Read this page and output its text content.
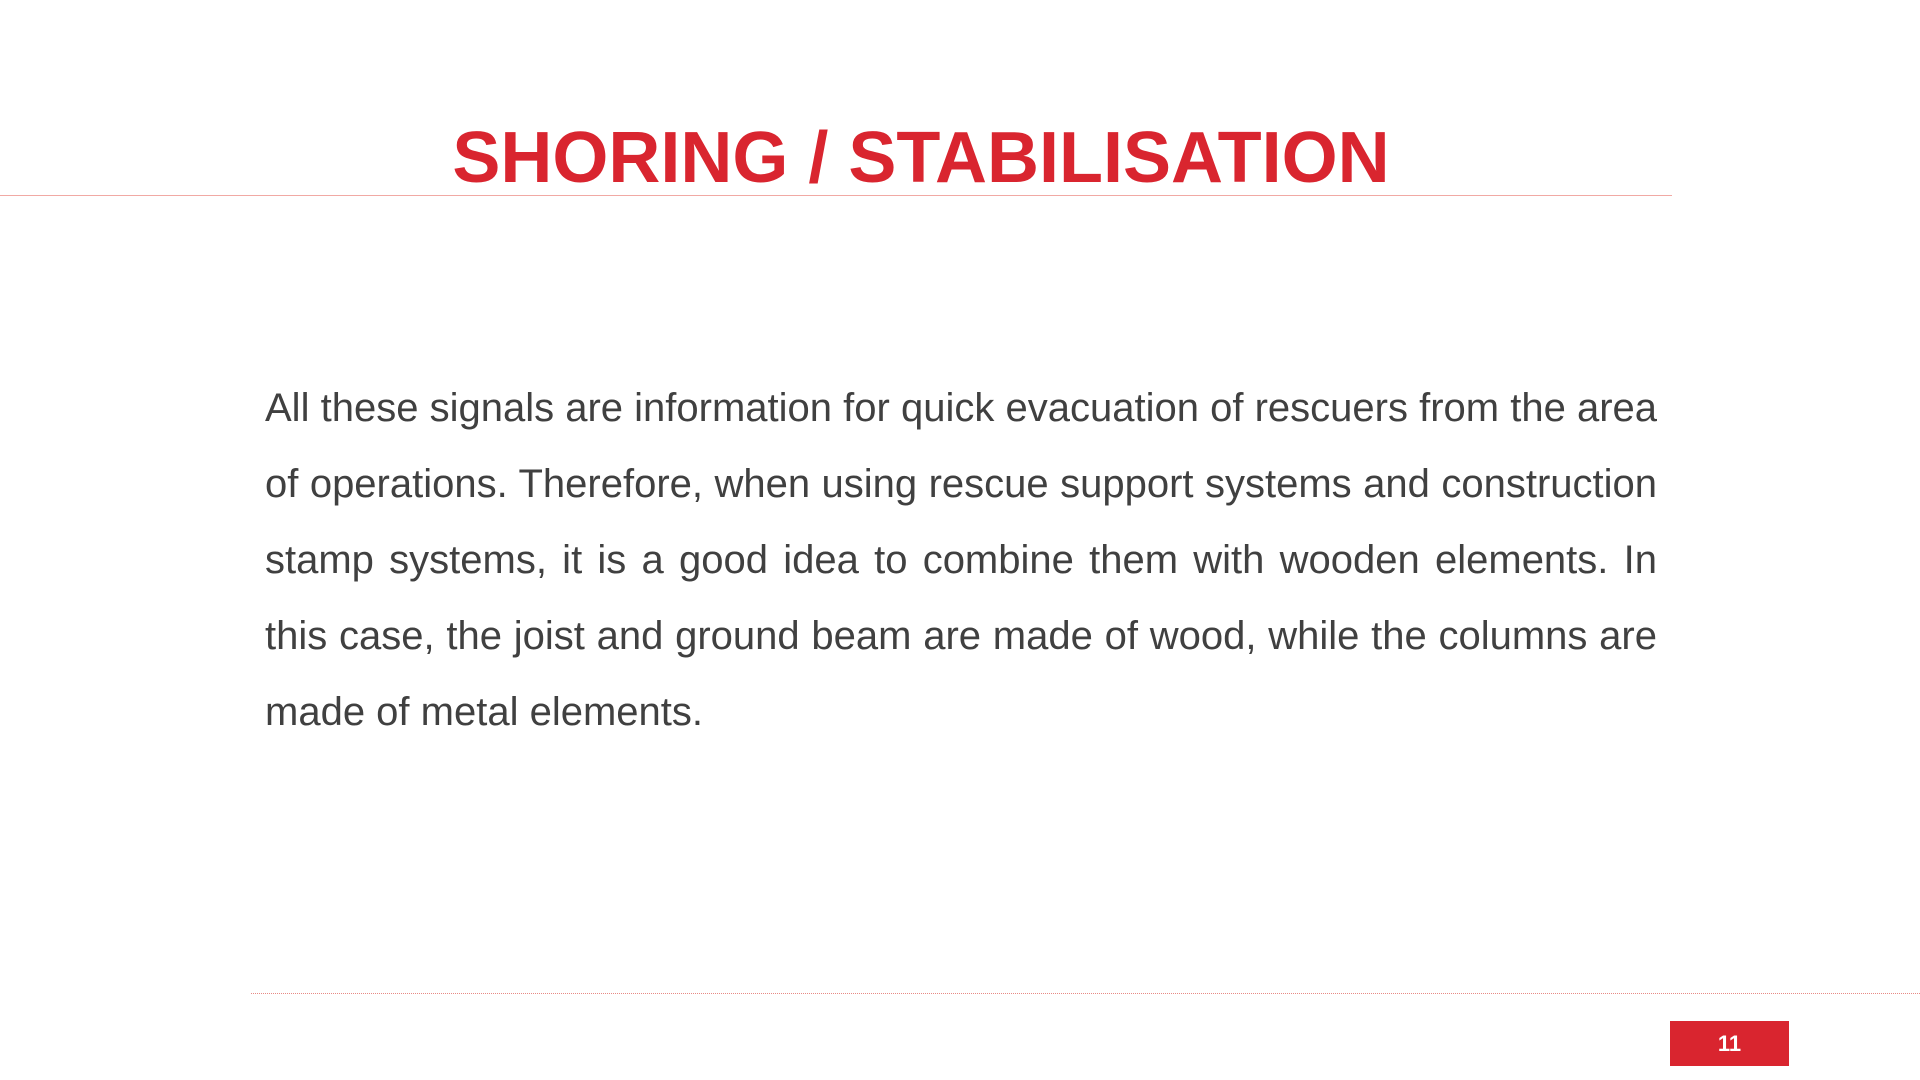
SHORING / STABILISATION

All these signals are information for quick evacuation of rescuers from the area of operations. Therefore, when using rescue support systems and construction stamp systems, it is a good idea to combine them with wooden elements. In this case, the joist and ground beam are made of wood, while the columns are made of metal elements.

11
